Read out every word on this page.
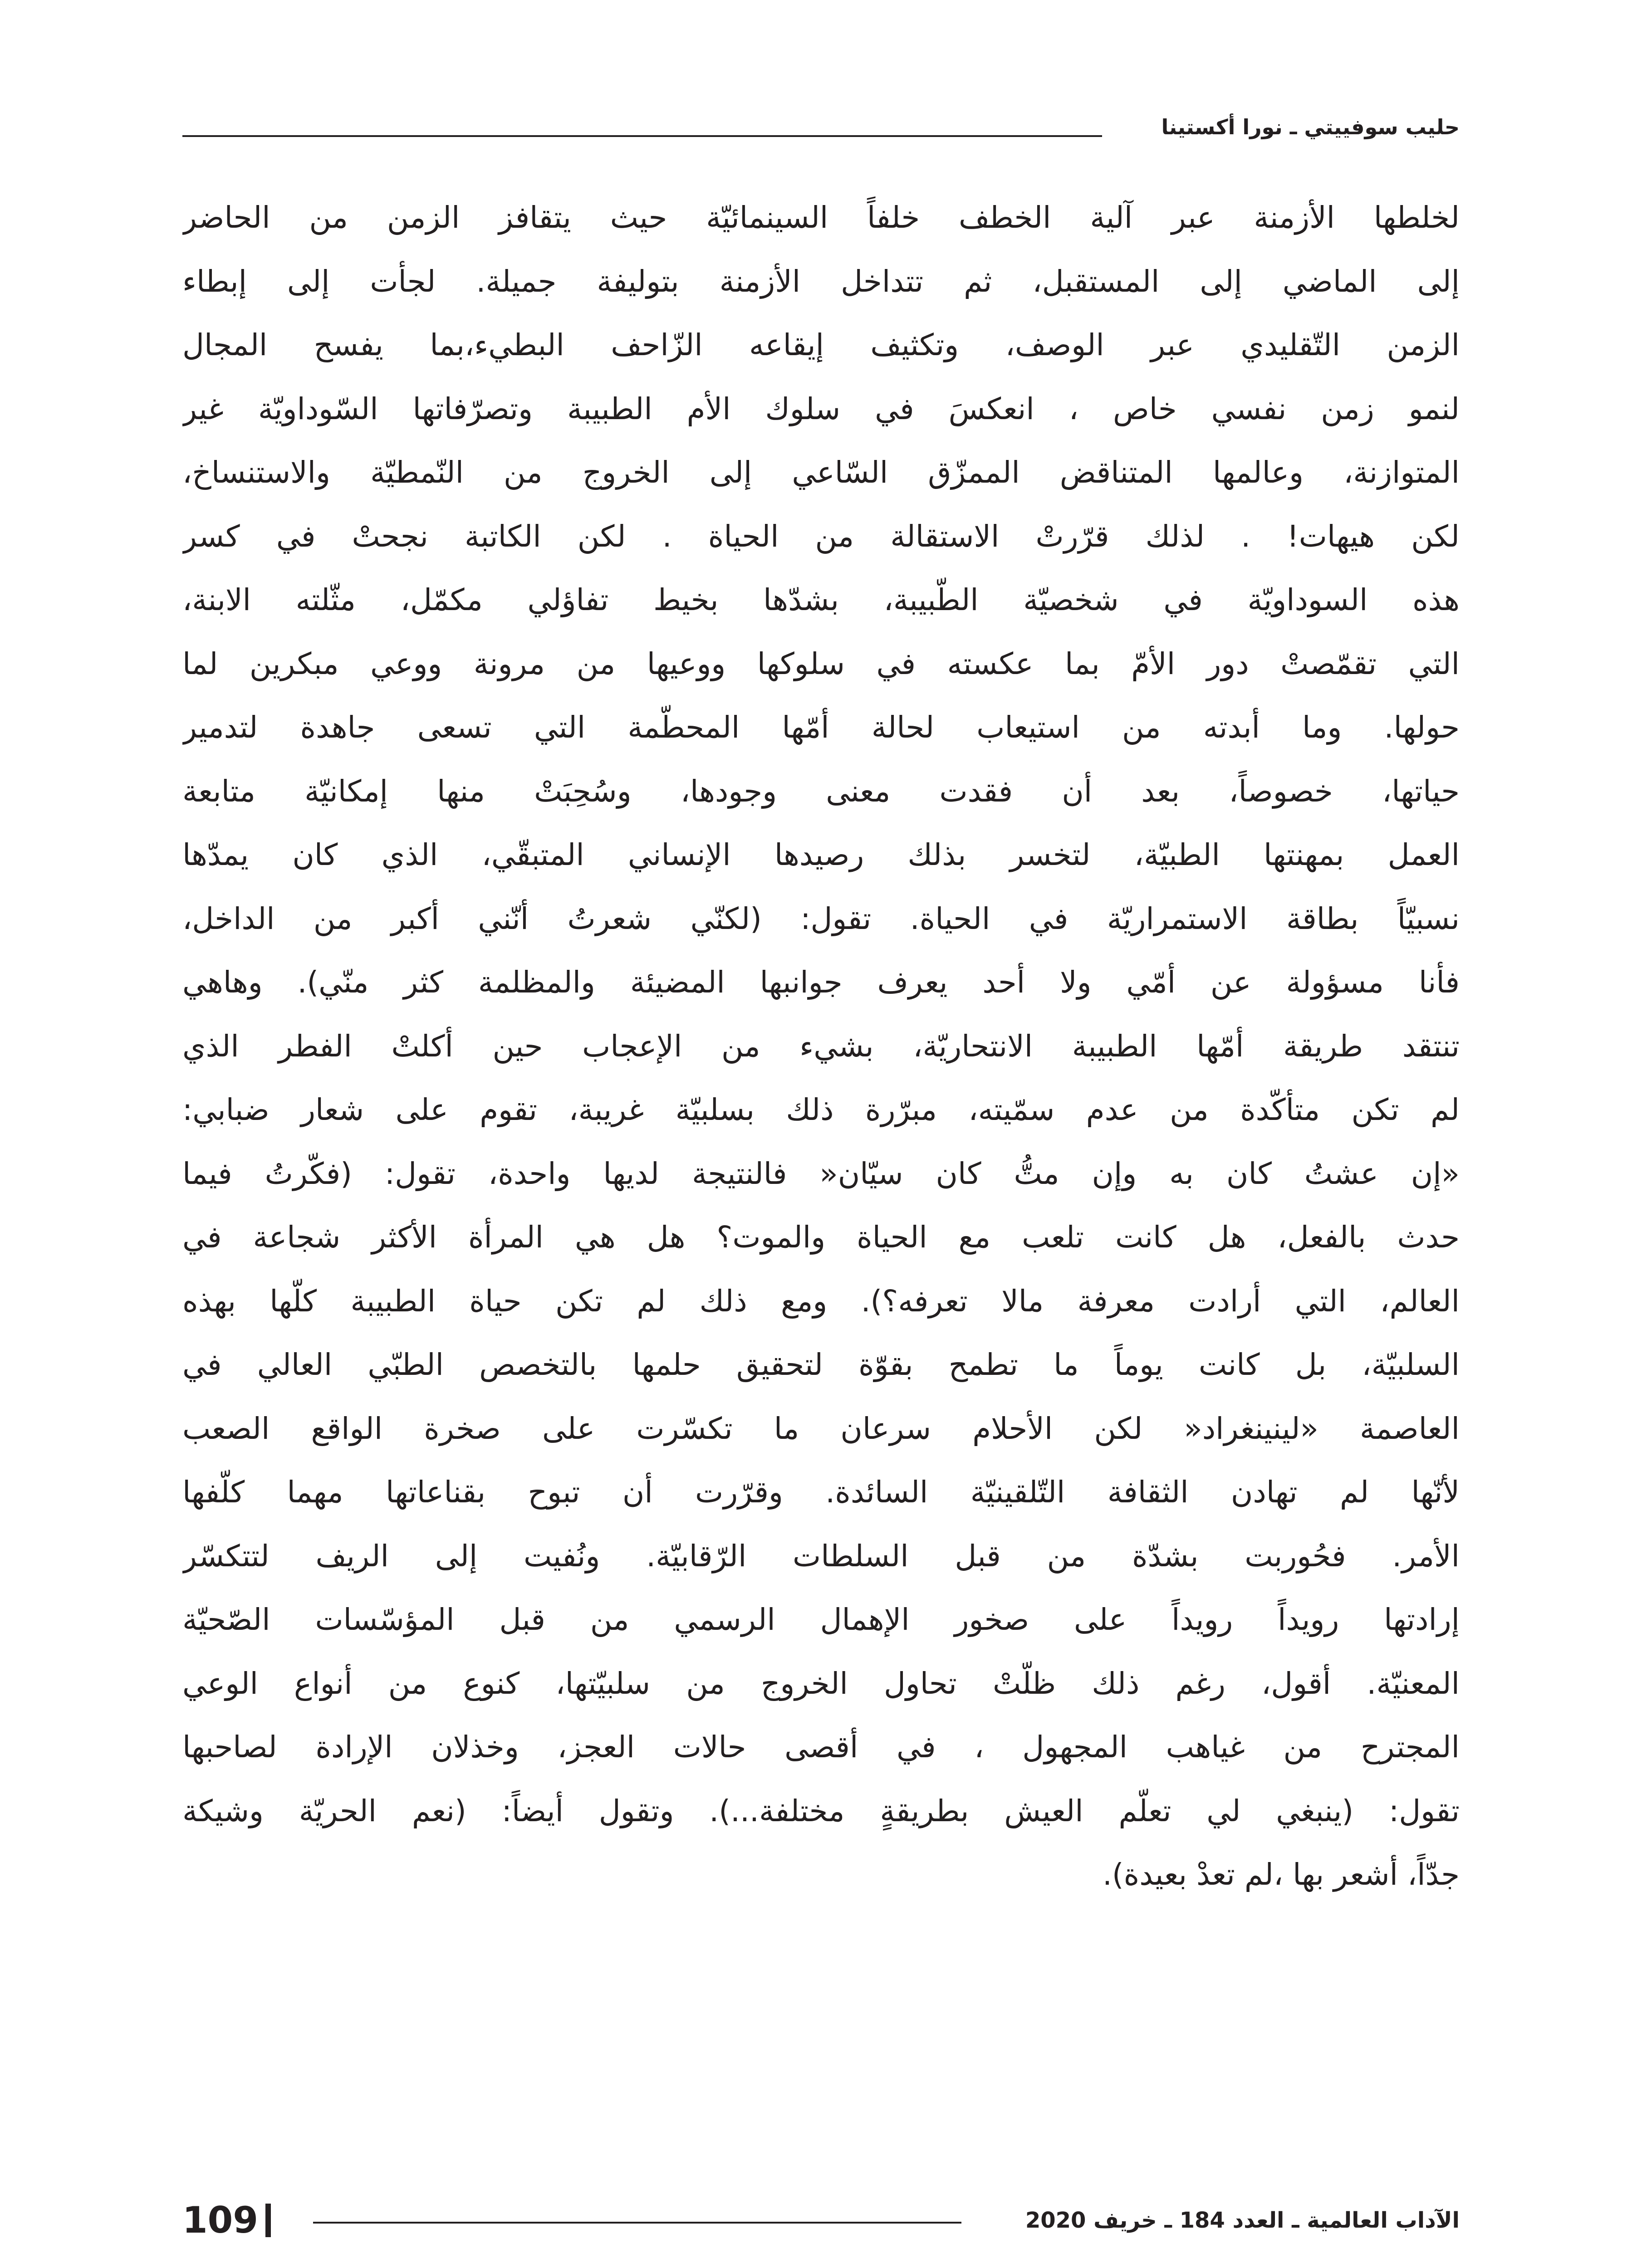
حليب سوفييتي ـ نورا أكستينا
لخلطها الأزمنة عبر آلية الخطف خلفاً السينمائيّة حيث يتقافز الزمن من الحاضر
إلى الماضي إلى المستقبل، ثم تتداخل الأزمنة بتوليفة جميلة. لجأت إلى إبطاء
الزمن التّقليدي عبر الوصف، وتكثيف إيقاعه الزّاحف البطيء،بما يفسح المجال
لنمو زمن نفسي خاص ، انعكسَ في سلوك الأم الطبيبة وتصرّفاتها السّوداويّة غير
المتوازنة، وعالمها المتناقض الممزّق السّاعي إلى الخروج من النّمطيّة والاستنساخ،
لكن هيهات! . لذلك قرّرتْ الاستقالة من الحياة . لكن الكاتبة نجحتْ في كسر
هذه السوداويّة في شخصيّة الطّبيبة، بشدّها بخيط تفاؤلي مكمّل، مثّلته الابنة،
التي تقمّصتْ دور الأمّ بما عكسته في سلوكها ووعيها من مرونة ووعي مبكرين لما
حولها. وما أبدته من استيعاب لحالة أمّها المحطّمة التي تسعى جاهدة لتدمير
حياتها، خصوصاً، بعد أن فقدت معنى وجودها، وسُحِبَتْ منها إمكانيّة متابعة
العمل بمهنتها الطبيّة، لتخسر بذلك رصيدها الإنساني المتبقّي، الذي كان يمدّها
نسبيّاً بطاقة الاستمراريّة في الحياة. تقول: (لكنّي شعرتُ أنّني أكبر من الداخل،
فأنا مسؤولة عن أمّي ولا أحد يعرف جوانبها المضيئة والمظلمة كثر منّي). وهاهي
تنتقد طريقة أمّها الطبيبة الانتحاريّة، بشيء من الإعجاب حين أكلتْ الفطر الذي
لم تكن متأكّدة من عدم سمّيته، مبرّرة ذلك بسلبيّة غريبة، تقوم على شعار ضبابي:
«إن عشتُ كان به وإن متُّ كان سيّان« فالنتيجة لديها واحدة، تقول: (فكّرتُ فيما
حدث بالفعل، هل كانت تلعب مع الحياة والموت؟ هل هي المرأة الأكثر شجاعة في
العالم، التي أرادت معرفة مالا تعرفه؟). ومع ذلك لم تكن حياة الطبيبة كلّها بهذه
السلبيّة، بل كانت يوماً ما تطمح بقوّة لتحقيق حلمها بالتخصص الطبّي العالي في
العاصمة «لينينغراد« لكن الأحلام سرعان ما تكسّرت على صخرة الواقع الصعب
لأنّها لم تهادن الثقافة التّلقينيّة السائدة. وقرّرت أن تبوح بقناعاتها مهما كلّفها
الأمر. فحُوربت بشدّة من قبل السلطات الرّقابيّة. ونُفيت إلى الريف لتتكسّر
إرادتها رويداً رويداً على صخور الإهمال الرسمي من قبل المؤسّسات الصّحيّة
المعنيّة. أقول، رغم ذلك ظلّتْ تحاول الخروج من سلبيّتها، كنوع من أنواع الوعي
المجترح من غياهب المجهول ، في أقصى حالات العجز، وخذلان الإرادة لصاحبها
تقول: (ينبغي لي تعلّم العيش بطريقةٍ مختلفة...). وتقول أيضاً: (نعم الحريّة وشيكة
جدّاً، أشعر بها ،لم تعدْ بعيدة).
109	الآداب العالمية ـ العدد 184 ـ خريف 2020
